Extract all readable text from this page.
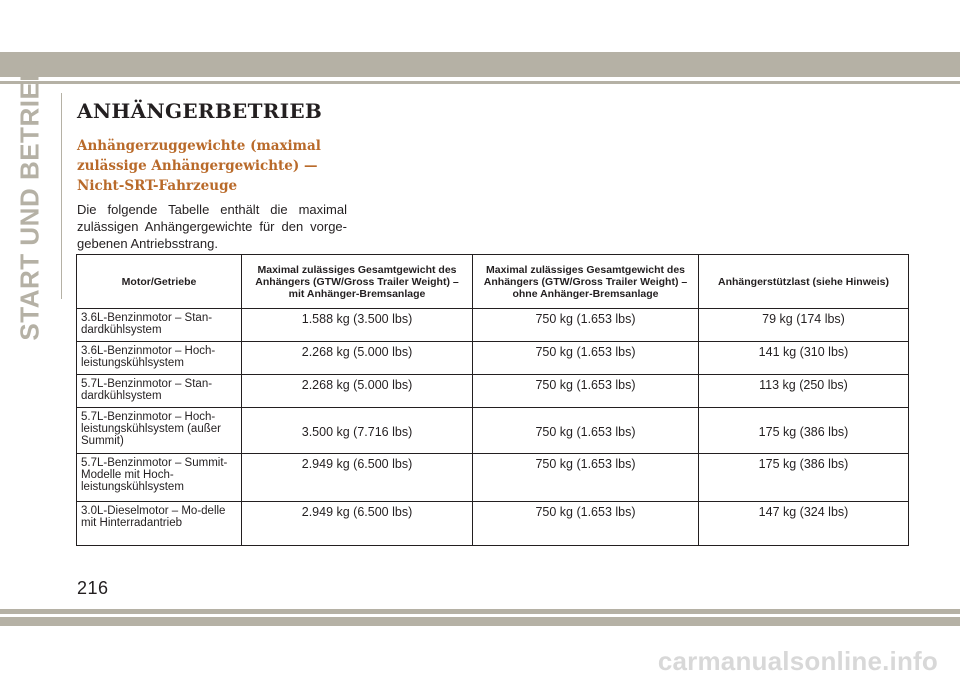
START UND BETRIEB ANHÄNGERBETRIEB
Anhängerzuggewichte (maximal zulässige Anhängergewichte) — Nicht-SRT-Fahrzeuge

Die folgende Tabelle enthält die maximal zulässigen Anhängergewichte für den vorge-gebenen Antriebsstrang.

Motor/Getriebe	Maximal zulässiges Gesamtgewicht des Anhängers (GTW/Gross Trailer Weight) – mit Anhänger-Bremsanlage	Maximal zulässiges Gesamtgewicht des Anhängers (GTW/Gross Trailer Weight) – ohne Anhänger-Bremsanlage	Anhängerstützlast (siehe Hinweis)
3.6L-Benzinmotor – Stan-dardkühlsystem	1.588 kg (3.500 lbs)	750 kg (1.653 lbs)	79 kg (174 lbs)
3.6L-Benzinmotor – Hoch-leistungskühlsystem	2.268 kg (5.000 lbs)	750 kg (1.653 lbs)	141 kg (310 lbs)
5.7L-Benzinmotor – Stan-dardkühlsystem	2.268 kg (5.000 lbs)	750 kg (1.653 lbs)	113 kg (250 lbs)
5.7L-Benzinmotor – Hoch-leistungskühlsystem (außer Summit)	3.500 kg (7.716 lbs)	750 kg (1.653 lbs)	175 kg (386 lbs)
5.7L-Benzinmotor – Summit-Modelle mit Hoch-leistungskühlsystem	2.949 kg (6.500 lbs)	750 kg (1.653 lbs)	175 kg (386 lbs)
3.0L-Dieselmotor – Mo-delle mit Hinterradantrieb	2.949 kg (6.500 lbs)	750 kg (1.653 lbs)	147 kg (324 lbs)
216
carmanualsonline.info
